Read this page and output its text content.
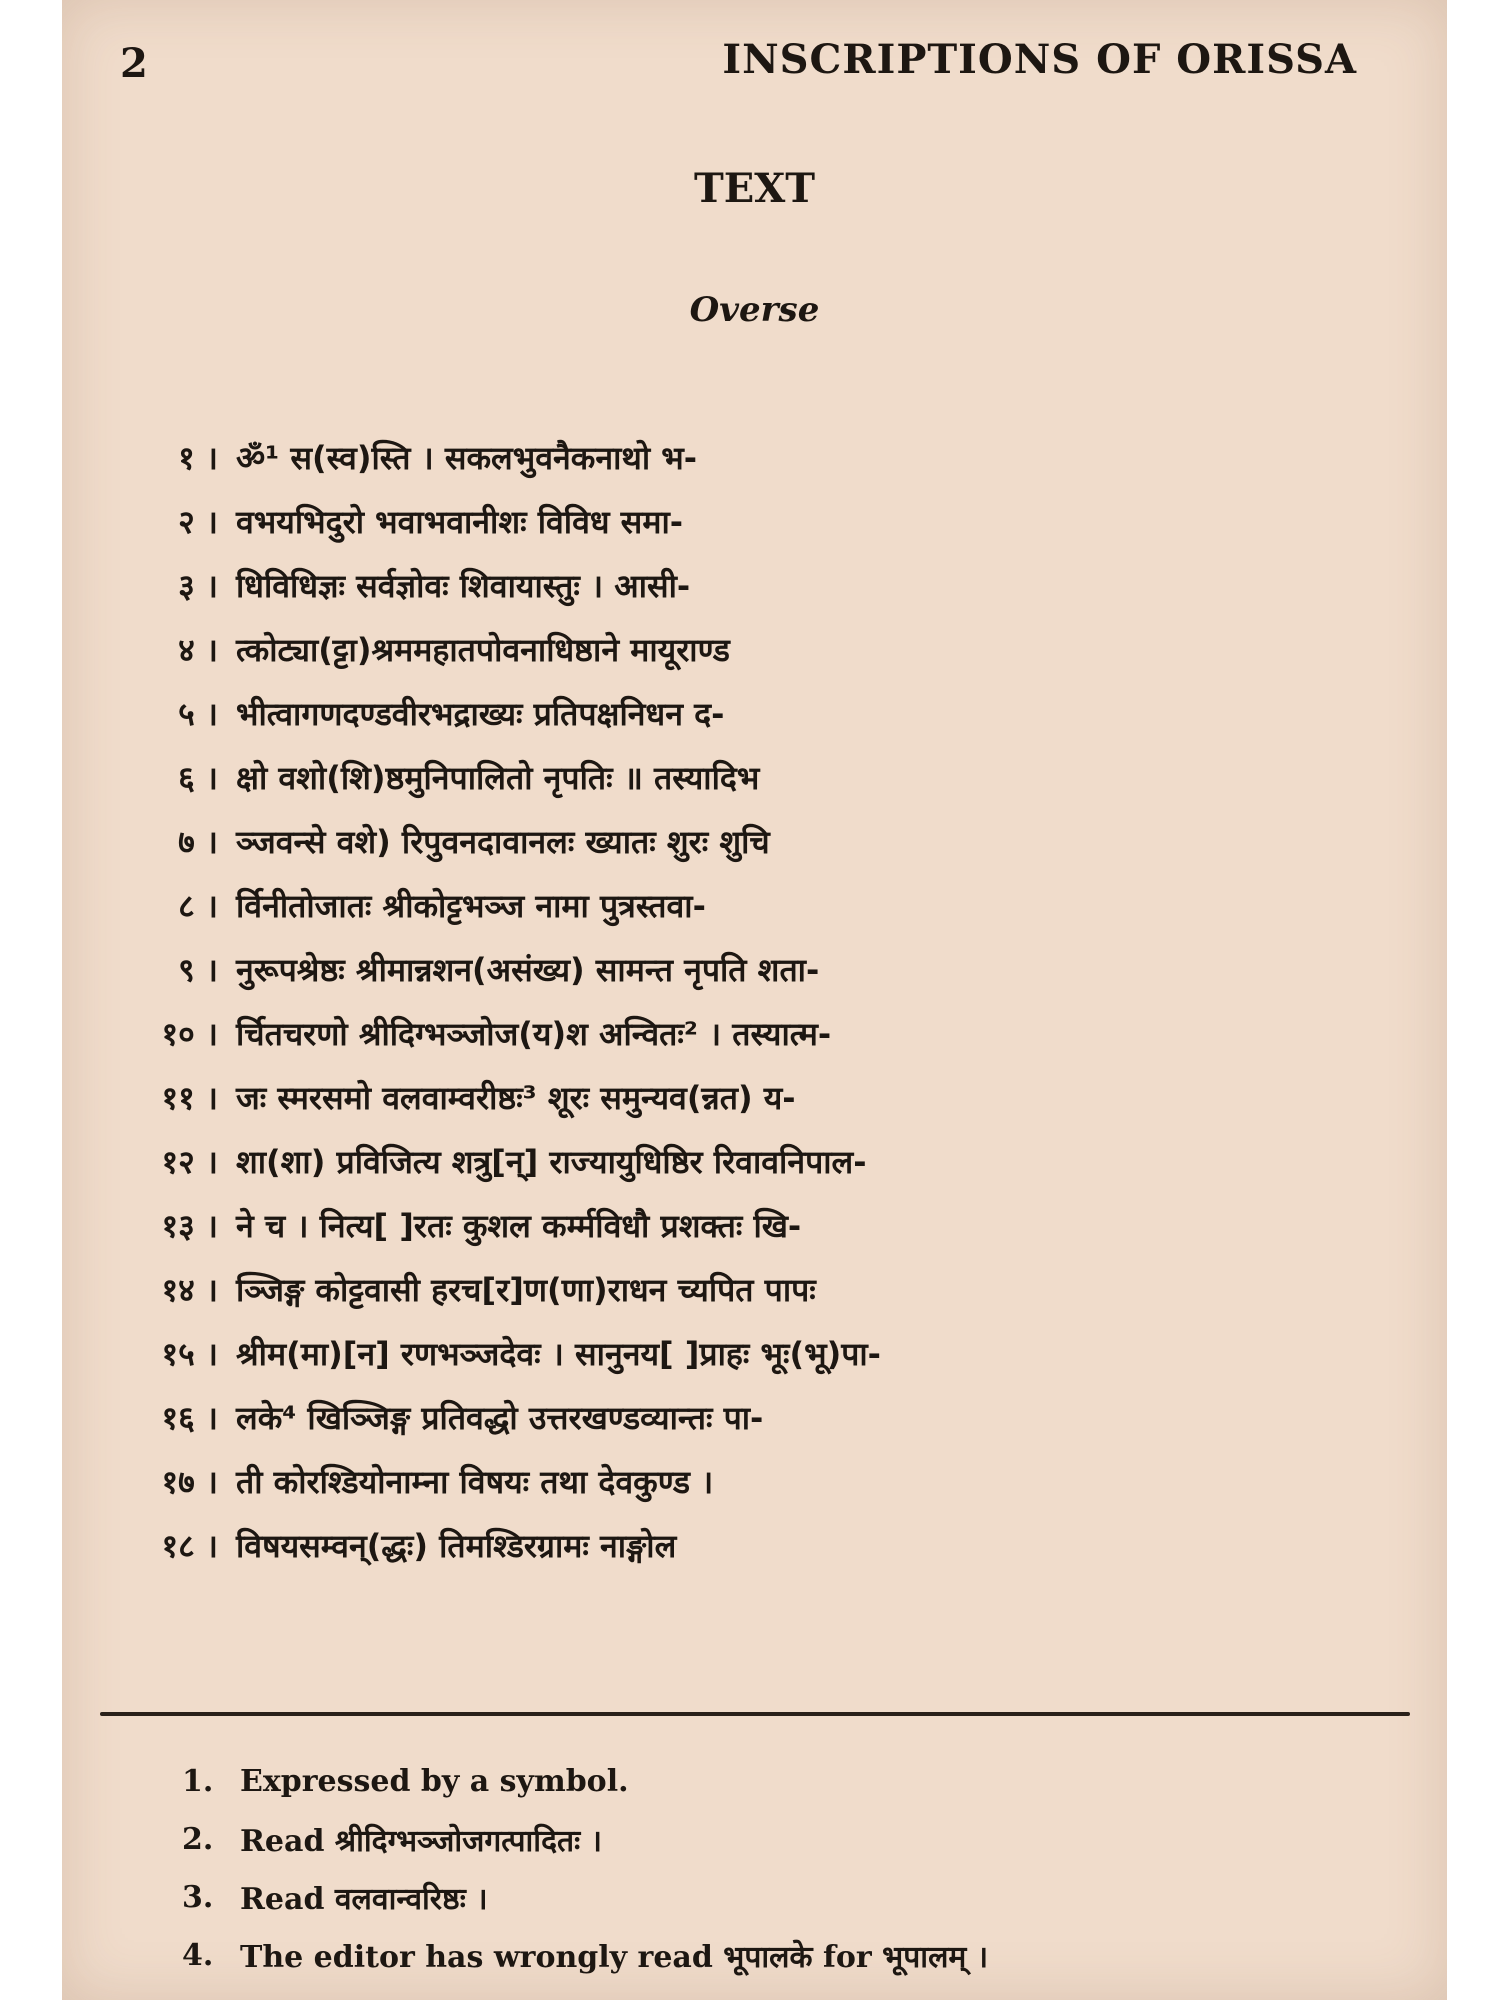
2	INSCRIPTIONS OF ORISSA
TEXT
Overse
१ । ॐ¹ स(स्व)स्ति । सकलभुवनैकनाथो भ-
२ । वभयभिदुरो भवाभवानीशः विविध समा-
३ । धिविधिज्ञः सर्वज्ञोवः शिवायास्तुः । आसी-
४ । त्कोट्या(ट्टा)श्रममहातपोवनाधिष्ठाने मायूराण्ड
५ । भीत्वागणदण्डवीरभद्राख्यः प्रतिपक्षनिधन द-
६ । क्षो वशो(शि)ष्ठमुनिपालितो नृपतिः ॥ तस्यादिभ
७ । ञ्जवन्से वशे) रिपुवनदावानलः ख्यातः शुरः शुचि
८ । र्विनीतोजातः श्रीकोट्टभञ्ज नामा पुत्रस्तवा-
९ । नुरूपश्रेष्ठः श्रीमान्नशन(असंख्य) सामन्त नृपति शता-
१० । र्चितचरणो श्रीदिग्भञ्जोज(य)श अन्वितः² । तस्यात्म-
११ । जः स्मरसमो वलवाम्वरीष्ठः³ शूरः समुन्यव(न्नत) य-
१२ । शा(शा) प्रविजित्य शत्रु[न्] राज्यायुधिष्ठिर रिवावनिपाल-
१३ । ने च । नित्य[ ]रतः कुशल कर्म्मविधौ प्रशक्तः खि-
१४ । ञ्जिङ्ग कोट्टवासी हरच[र]ण(णा)राधन च्यपित पापः
१५ । श्रीम(मा)[न] रणभञ्जदेवः । सानुनय[ ]प्राहः भूः(भू)पा-
१६ । लके⁴ खिञ्जिङ्ग प्रतिवद्धो उत्तरखण्डव्यान्तः पा-
१७ । ती कोरश्डियोनाम्ना विषयः तथा देवकुण्ड ।
१८ । विषयसम्वन्(द्धः) तिमश्डिरग्रामः नाङ्गोल
1. Expressed by a symbol.
2. Read श्रीदिग्भञ्जोजगत्पादितः ।
3. Read वलवान्वरिष्ठः ।
4. The editor has wrongly read भूपालके for भूपालम् ।
